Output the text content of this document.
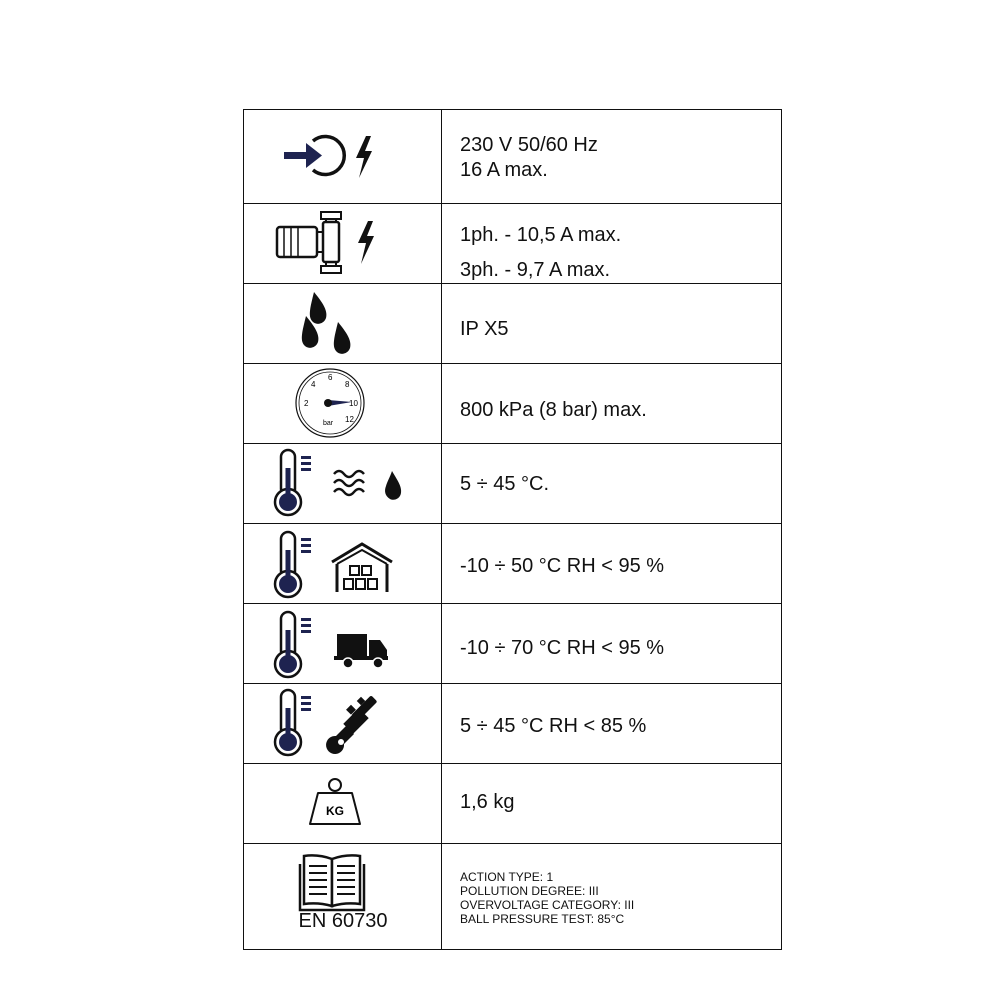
230 V 50/60 Hz
16 A max.
1ph. - 10,5 A max.
3ph. - 9,7 A max.
IP X5
2
4
6
8
10
12
bar
800 kPa (8 bar) max.
5 ÷ 45 °C.
-10 ÷ 50 °C RH < 95 %
-10 ÷ 70 °C RH < 95 %
5 ÷ 45 °C RH < 85 %
KG	1,6 kg
EN 60730
ACTION TYPE: 1
POLLUTION DEGREE: III
OVERVOLTAGE CATEGORY: III
BALL PRESSURE TEST: 85°C
